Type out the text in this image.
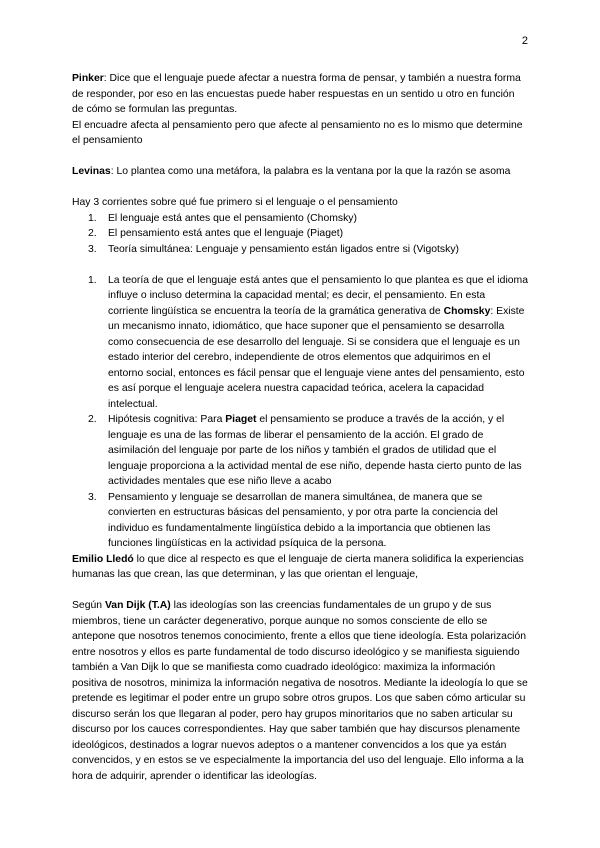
2

Pinker: Dice que el lenguaje puede afectar a nuestra forma de pensar, y también a nuestra forma de responder, por eso en las encuestas puede haber respuestas en un sentido u otro en función de cómo se formulan las preguntas.

El encuadre afecta al pensamiento pero que afecte al pensamiento no es lo mismo que determine el pensamiento

Levinas: Lo plantea como una metáfora, la palabra es la ventana por la que la razón se asoma

Hay 3 corrientes sobre qué fue primero si el lenguaje o el pensamiento

1. El lenguaje está antes que el pensamiento (Chomsky)
2. El pensamiento está antes que el lenguaje (Piaget)
3. Teoría simultánea: Lenguaje y pensamiento están ligados entre si (Vigotsky)
1. La teoría de que el lenguaje está antes que el pensamiento lo que plantea es que el idioma influye o incluso determina la capacidad mental; es decir, el pensamiento. En esta corriente lingüística se encuentra la teoría de la gramática generativa de Chomsky: Existe un mecanismo innato, idiomático, que hace suponer que el pensamiento se desarrolla como consecuencia de ese desarrollo del lenguaje. Si se considera que el lenguaje es un estado interior del cerebro, independiente de otros elementos que adquirimos en el entorno social, entonces es fácil pensar que el lenguaje viene antes del pensamiento, esto es así porque el lenguaje acelera nuestra capacidad teórica, acelera la capacidad intelectual.
2. Hipótesis cognitiva: Para Piaget el pensamiento se produce a través de la acción, y el lenguaje es una de las formas de liberar el pensamiento de la acción. El grado de asimilación del lenguaje por parte de los niños y también el grados de utilidad que el lenguaje proporciona a la actividad mental de ese niño, depende hasta cierto punto de las actividades mentales que ese niño lleve a acabo
3. Pensamiento y lenguaje se desarrollan de manera simultánea, de manera que se convierten en estructuras básicas del pensamiento, y por otra parte la conciencia del individuo es fundamentalmente lingüística debido a la importancia que obtienen las funciones lingüísticas en la actividad psíquica de la persona.

Emilio Lledó lo que dice al respecto es que el lenguaje de cierta manera solidifica la experiencias humanas las que crean, las que determinan, y las que orientan el lenguaje,

Según Van Dijk (T.A) las ideologías son las creencias fundamentales de un grupo y de sus miembros, tiene un carácter degenerativo, porque aunque no somos consciente de ello se antepone que nosotros tenemos conocimiento, frente a ellos que tiene ideología. Esta polarización entre nosotros y ellos es parte fundamental de todo discurso ideológico y se manifiesta siguiendo también a Van Dijk lo que se manifiesta como cuadrado ideológico: maximiza la información positiva de nosotros, minimiza la información negativa de nosotros. Mediante la ideología lo que se pretende es legitimar el poder entre un grupo sobre otros grupos. Los que saben cómo articular su discurso serán los que llegaran al poder, pero hay grupos minoritarios que no saben articular su discurso por los cauces correspondientes. Hay que saber también que hay discursos plenamente ideológicos, destinados a lograr nuevos adeptos o a mantener convencidos a los que ya están convencidos, y en estos se ve especialmente la importancia del uso del lenguaje. Ello informa a la hora de adquirir, aprender o identificar las ideologías.
